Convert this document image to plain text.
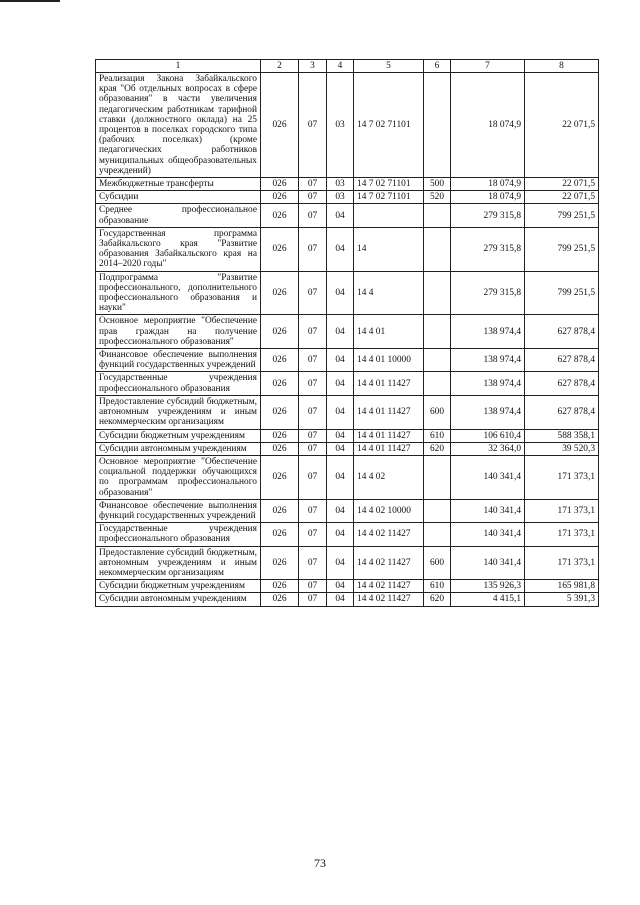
1	2	3	4	5	6	7	8
Реализация Закона Забайкальского края "Об отдельных вопросах в сфере образования" в части увеличения педагогическим работникам тарифной ставки (должностного оклада) на 25 процентов в поселках городского типа (рабочих поселках) (кроме педагогических работников муниципальных общеобразовательных учреждений)	026	07	03	14 7 02 71101		18 074,9	22 071,5
Межбюджетные трансферты	026	07	03	14 7 02 71101	500	18 074,9	22 071,5
Субсидии	026	07	03	14 7 02 71101	520	18 074,9	22 071,5
Среднее профессиональное образование	026	07	04			279 315,8	799 251,5
Государственная программа Забайкальского края "Развитие образования Забайкальского края на 2014–2020 годы"	026	07	04	14		279 315,8	799 251,5
Подпрограмма "Развитие профессионального, дополнительного профессионального образования и науки"	026	07	04	14 4		279 315,8	799 251,5
Основное мероприятие "Обеспечение прав граждан на получение профессионального образования"	026	07	04	14 4 01		138 974,4	627 878,4
Финансовое обеспечение выполнения функций государственных учреждений	026	07	04	14 4 01 10000		138 974,4	627 878,4
Государственные учреждения профессионального образования	026	07	04	14 4 01 11427		138 974,4	627 878,4
Предоставление субсидий бюджетным, автономным учреждениям и иным некоммерческим организациям	026	07	04	14 4 01 11427	600	138 974,4	627 878,4
Субсидии бюджетным учреждениям	026	07	04	14 4 01 11427	610	106 610,4	588 358,1
Субсидии автономным учреждениям	026	07	04	14 4 01 11427	620	32 364,0	39 520,3
Основное мероприятие "Обеспечение социальной поддержки обучающихся по программам профессионального образования"	026	07	04	14 4 02		140 341,4	171 373,1
Финансовое обеспечение выполнения функций государственных учреждений	026	07	04	14 4 02 10000		140 341,4	171 373,1
Государственные учреждения профессионального образования	026	07	04	14 4 02 11427		140 341,4	171 373,1
Предоставление субсидий бюджетным, автономным учреждениям и иным некоммерческим организациям	026	07	04	14 4 02 11427	600	140 341,4	171 373,1
Субсидии бюджетным учреждениям	026	07	04	14 4 02 11427	610	135 926,3	165 981,8
Субсидии автономным учреждениям	026	07	04	14 4 02 11427	620	4 415,1	5 391,3
73
